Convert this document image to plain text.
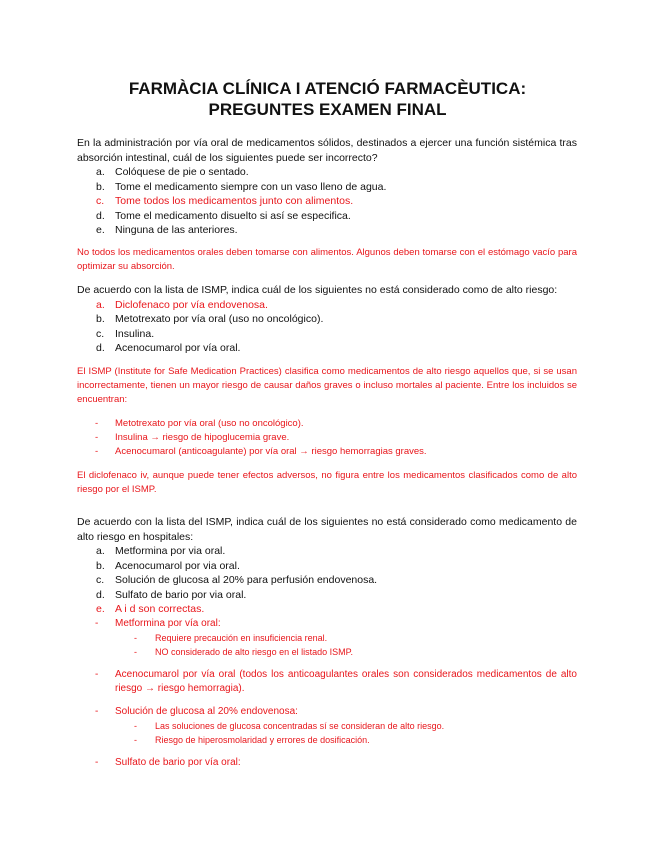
FARMÀCIA CLÍNICA I ATENCIÓ FARMACÈUTICA:
PREGUNTES EXAMEN FINAL

En la administración por vía oral de medicamentos sólidos, destinados a ejercer una función sistémica tras absorción intestinal, cuál de los siguientes puede ser incorrecto?

a. Colóquese de pie o sentado.
b. Tome el medicamento siempre con un vaso lleno de agua.
c.	Tome todos los medicamentos junto con alimentos.
d. Tome el medicamento disuelto si así se especifica.
e. Ninguna de las anteriores.

No todos los medicamentos orales deben tomarse con alimentos. Algunos deben tomarse con el estómago vacío para optimizar su absorción.

De acuerdo con la lista de ISMP, indica cuál de los siguientes no está considerado como de alto riesgo:

a. Diclofenaco por vía endovenosa.
b. Metotrexato por vía oral (uso no oncológico).
c.	Insulina.
d. Acenocumarol por vía oral.

El ISMP (Institute for Safe Medication Practices) clasifica como medicamentos de alto riesgo aquellos que, si se usan incorrectamente, tienen un mayor riesgo de causar daños graves o incluso mortales al paciente. Entre los incluidos se encuentran:

-	Metotrexato por vía oral (uso no oncológico).
-	Insulina → riesgo de hipoglucemia grave.
-	Acenocumarol (anticoagulante) por vía oral → riesgo hemorragias graves.

El diclofenaco iv, aunque puede tener efectos adversos, no figura entre los medicamentos clasificados como de alto riesgo por el ISMP.

De acuerdo con la lista del ISMP, indica cuál de los siguientes no está considerado como medicamento de alto riesgo en hospitales:

a. Metformina por via oral.
b. Acenocumarol por via oral.
c.	Solución de glucosa al 20% para perfusión endovenosa.
d. Sulfato de bario por via oral.
e. A i d son correctas.
-	Metformina por vía oral:
-	Requiere precaución en insuficiencia renal.
-	NO considerado de alto riesgo en el listado ISMP.
-	Acenocumarol por vía oral (todos los anticoagulantes orales son considerados medicamentos de alto riesgo → riesgo hemorragia).
-	Solución de glucosa al 20% endovenosa:
-	Las soluciones de glucosa concentradas sí se consideran de alto riesgo.
-	Riesgo de hiperosmolaridad y errores de dosificación.
-	Sulfato de bario por vía oral:
